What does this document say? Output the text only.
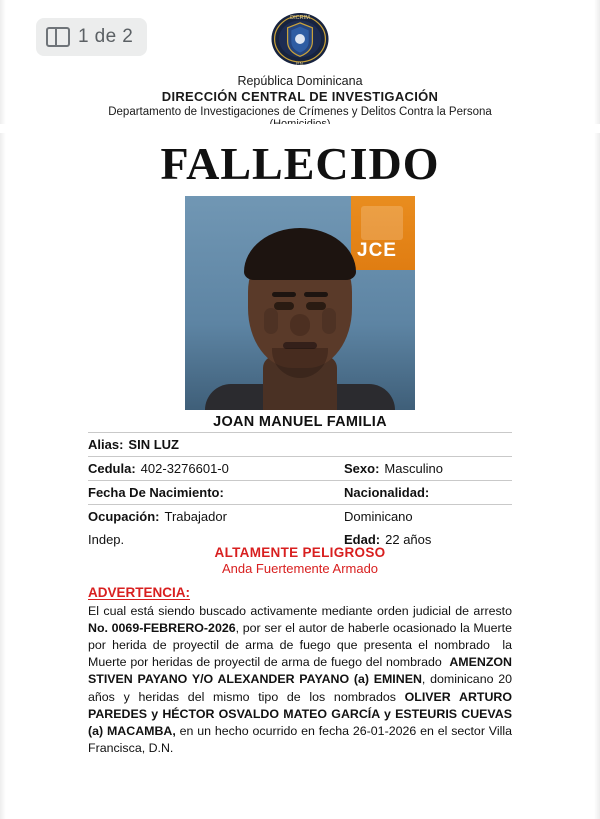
1 de 2
DICRIM
P.N.
República Dominicana
DIRECCIÓN CENTRAL DE INVESTIGACIÓN
Departamento de Investigaciones de Crímenes y Delitos Contra la Persona
FALLECIDO
JCE
JOAN MANUEL FAMILIA
Alias: SIN LUZ
Cedula: 402-3276601-0	Sexo: Masculino
Fecha De Nacimiento:	Nacionalidad:
Ocupación: Trabajador	Dominicano
Indep.	Edad: 22 años
ALTAMENTE PELIGROSO
Anda Fuertemente Armado
ADVERTENCIA:
El cual está siendo buscado activamente mediante orden judicial de arresto No. 0069-FEBRERO-2026, por ser el autor de haberle ocasionado la Muerte por herida de proyectil de arma de fuego que presenta el nombrado  la Muerte por heridas de proyectil de arma de fuego del nombrado  AMENZON STIVEN PAYANO Y/O ALEXANDER PAYANO (a) EMINEN, dominicano 20 años y heridas del mismo tipo de los nombrados OLIVER ARTURO PAREDES y HÉCTOR OSVALDO MATEO GARCÍA y ESTEURIS CUEVAS (a) MACAMBA, en un hecho ocurrido en fecha 26-01-2026 en el sector Villa Francisca, D.N.
